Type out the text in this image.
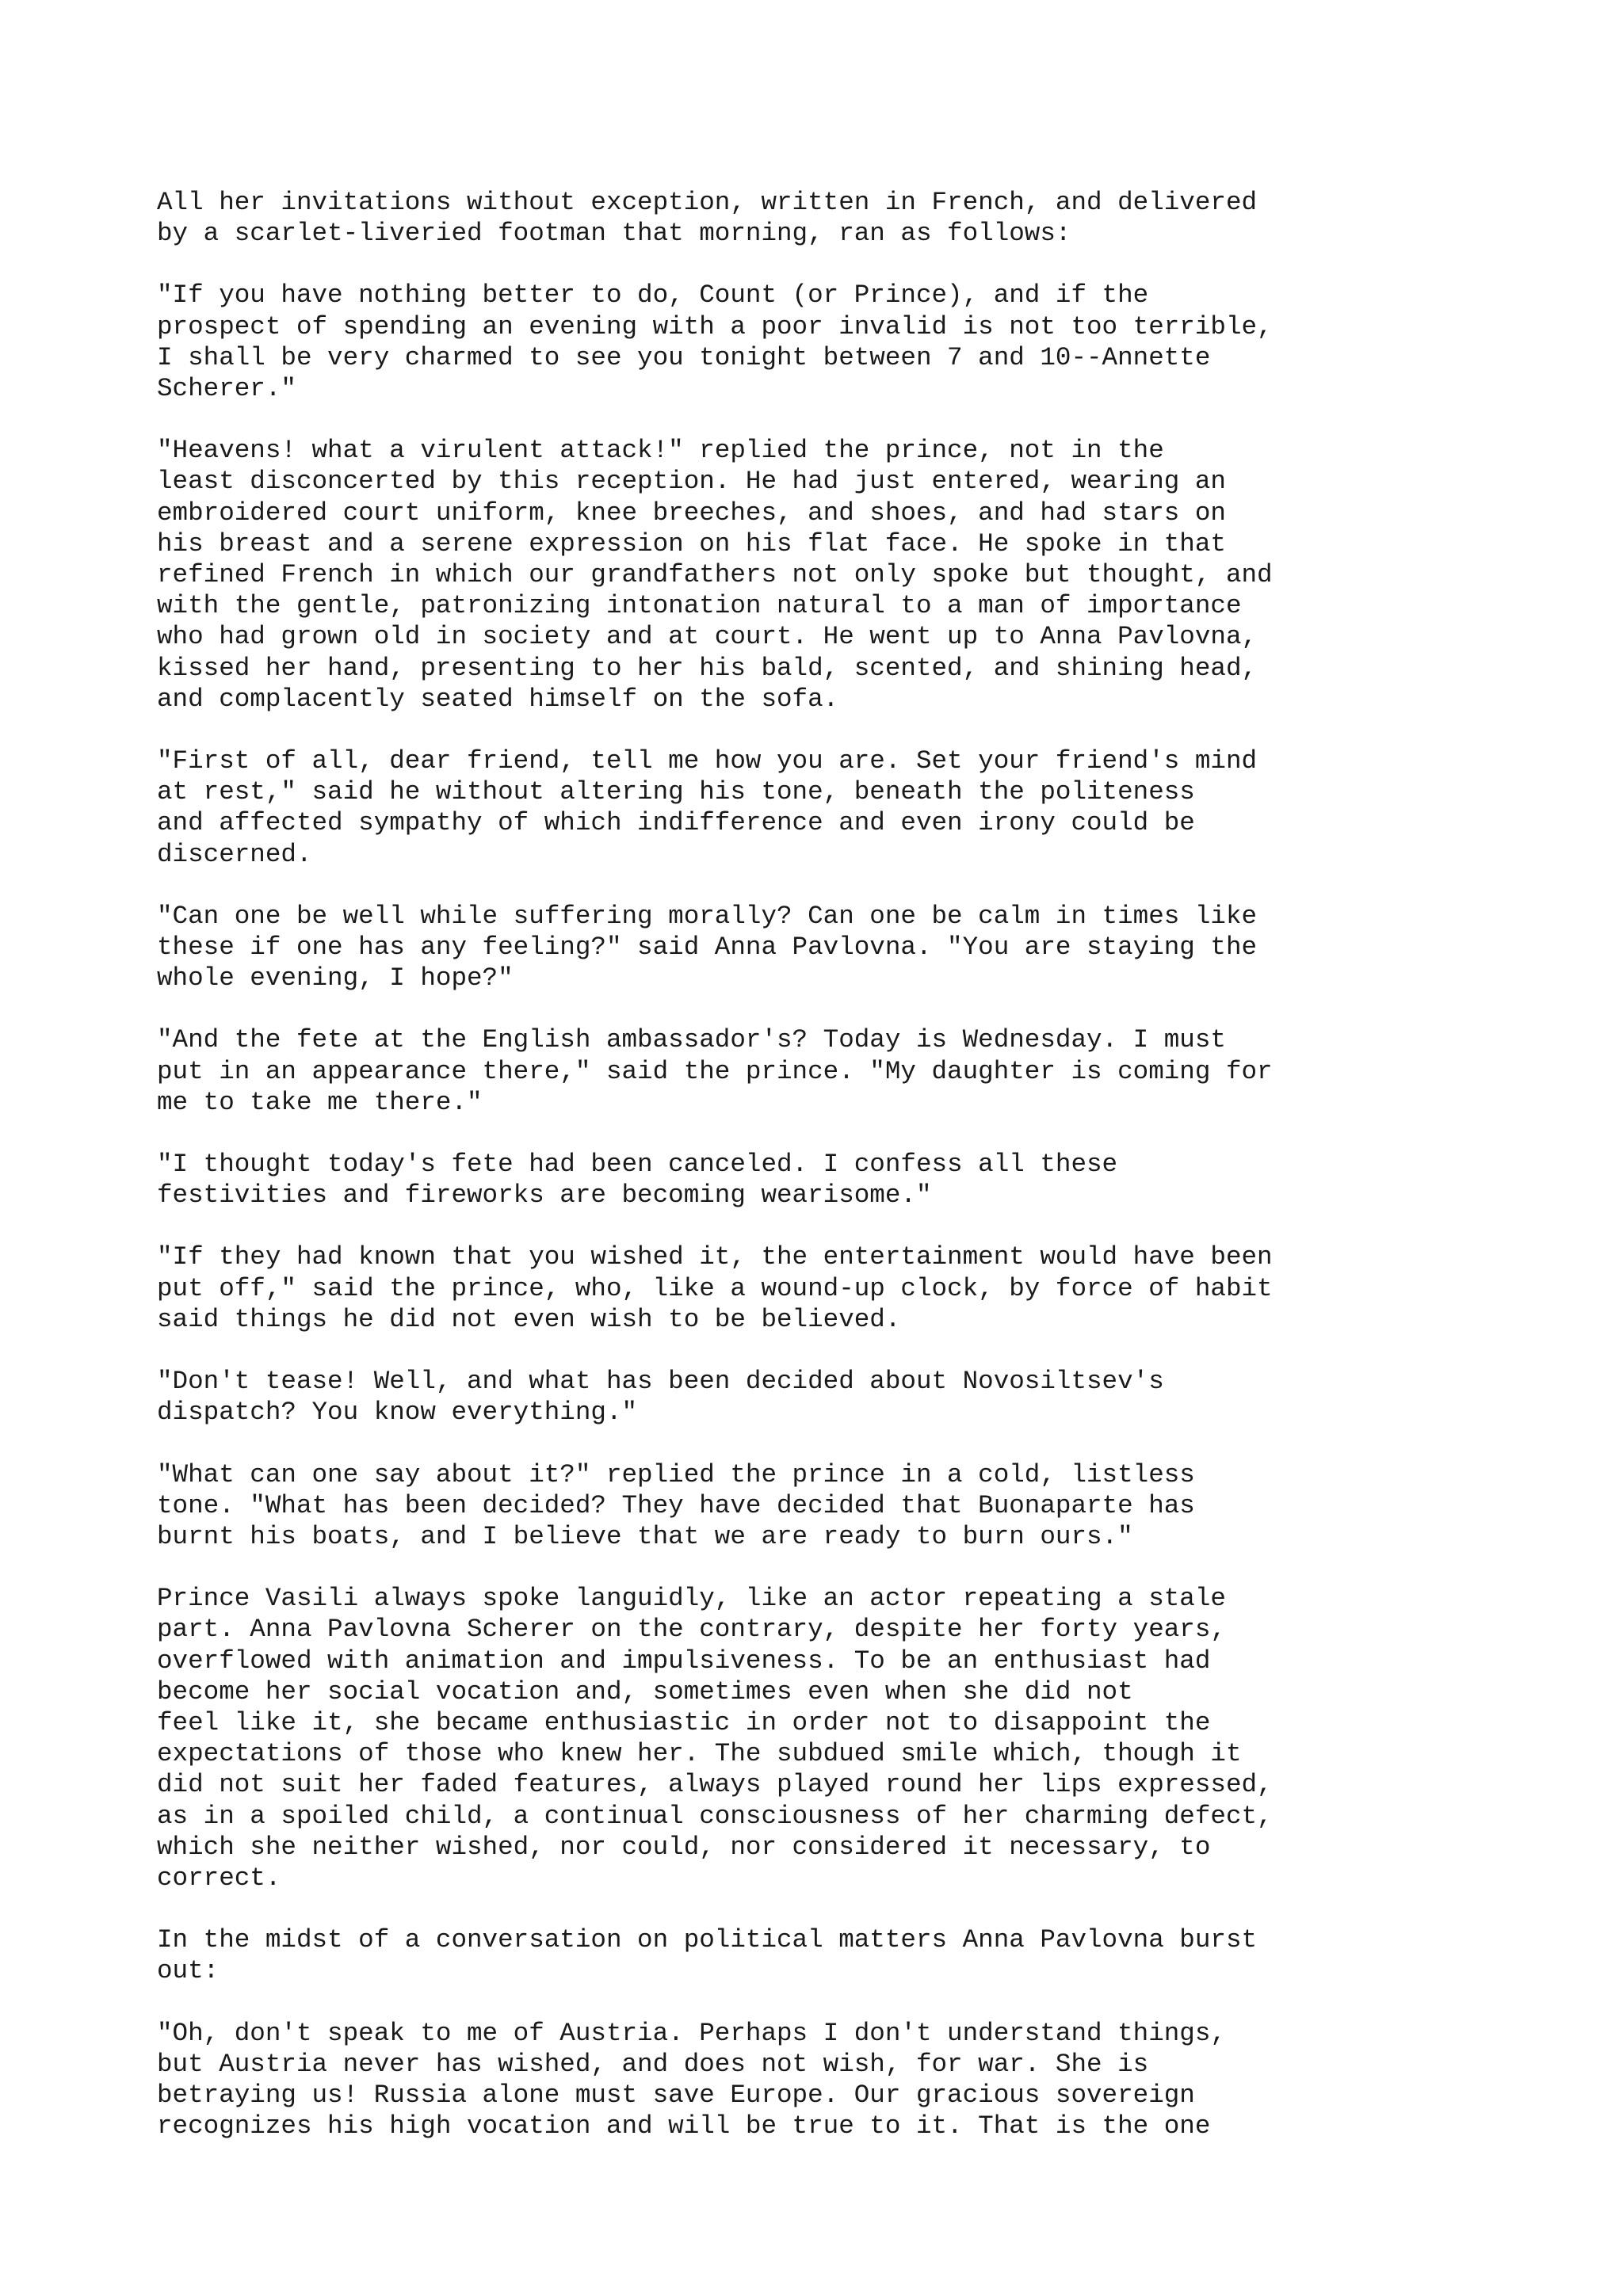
All her invitations without exception, written in French, and delivered
by a scarlet-liveried footman that morning, ran as follows:

"If you have nothing better to do, Count (or Prince), and if the
prospect of spending an evening with a poor invalid is not too terrible,
I shall be very charmed to see you tonight between 7 and 10--Annette
Scherer."

"Heavens! what a virulent attack!" replied the prince, not in the
least disconcerted by this reception. He had just entered, wearing an
embroidered court uniform, knee breeches, and shoes, and had stars on
his breast and a serene expression on his flat face. He spoke in that
refined French in which our grandfathers not only spoke but thought, and
with the gentle, patronizing intonation natural to a man of importance
who had grown old in society and at court. He went up to Anna Pavlovna,
kissed her hand, presenting to her his bald, scented, and shining head,
and complacently seated himself on the sofa.

"First of all, dear friend, tell me how you are. Set your friend's mind
at rest," said he without altering his tone, beneath the politeness
and affected sympathy of which indifference and even irony could be
discerned.

"Can one be well while suffering morally? Can one be calm in times like
these if one has any feeling?" said Anna Pavlovna. "You are staying the
whole evening, I hope?"

"And the fete at the English ambassador's? Today is Wednesday. I must
put in an appearance there," said the prince. "My daughter is coming for
me to take me there."

"I thought today's fete had been canceled. I confess all these
festivities and fireworks are becoming wearisome."

"If they had known that you wished it, the entertainment would have been
put off," said the prince, who, like a wound-up clock, by force of habit
said things he did not even wish to be believed.

"Don't tease! Well, and what has been decided about Novosiltsev's
dispatch? You know everything."

"What can one say about it?" replied the prince in a cold, listless
tone. "What has been decided? They have decided that Buonaparte has
burnt his boats, and I believe that we are ready to burn ours."

Prince Vasili always spoke languidly, like an actor repeating a stale
part. Anna Pavlovna Scherer on the contrary, despite her forty years,
overflowed with animation and impulsiveness. To be an enthusiast had
become her social vocation and, sometimes even when she did not
feel like it, she became enthusiastic in order not to disappoint the
expectations of those who knew her. The subdued smile which, though it
did not suit her faded features, always played round her lips expressed,
as in a spoiled child, a continual consciousness of her charming defect,
which she neither wished, nor could, nor considered it necessary, to
correct.

In the midst of a conversation on political matters Anna Pavlovna burst
out:

"Oh, don't speak to me of Austria. Perhaps I don't understand things,
but Austria never has wished, and does not wish, for war. She is
betraying us! Russia alone must save Europe. Our gracious sovereign
recognizes his high vocation and will be true to it. That is the one
